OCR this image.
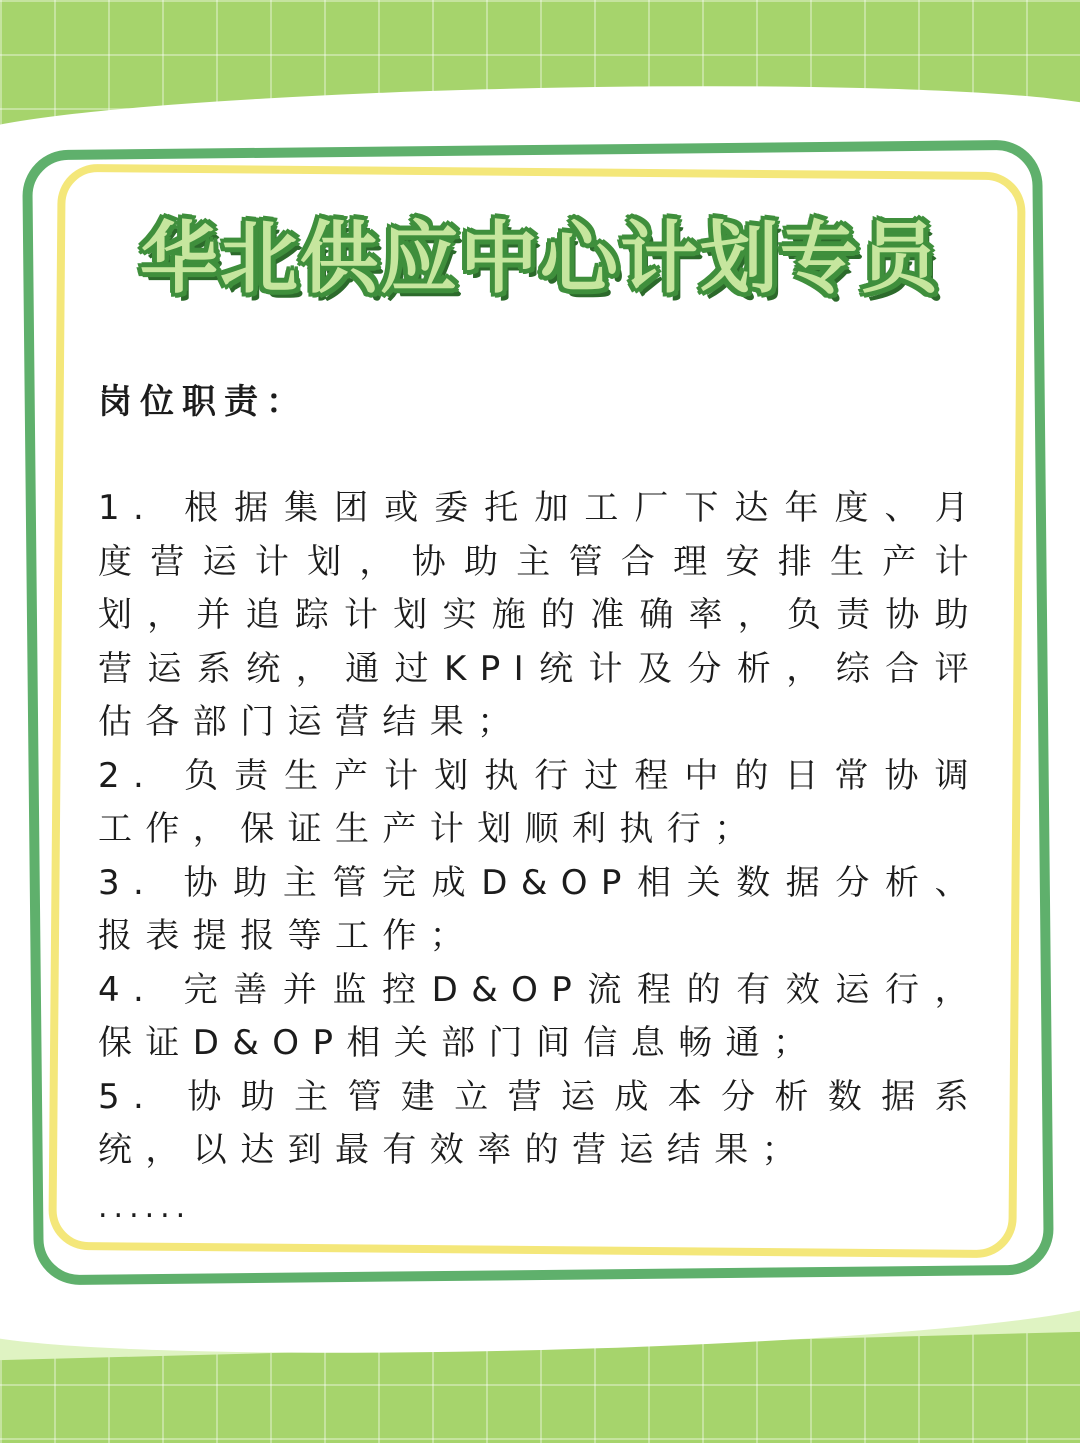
华北供应中心计划专员

岗位职责：

1. 根据集团或委托加工厂下达年度、月度营运计划，协助主管合理安排生产计划，并追踪计划实施的准确率，负责协助营运系统，通过KPI统计及分析，综合评估各部门运营结果；

2. 负责生产计划执行过程中的日常协调工作，保证生产计划顺利执行；

3. 协助主管完成D&OP相关数据分析、报表提报等工作；

4. 完善并监控D&OP流程的有效运行，保证D&OP相关部门间信息畅通；

5. 协助主管建立营运成本分析数据系统，以达到最有效率的营运结果；

......
